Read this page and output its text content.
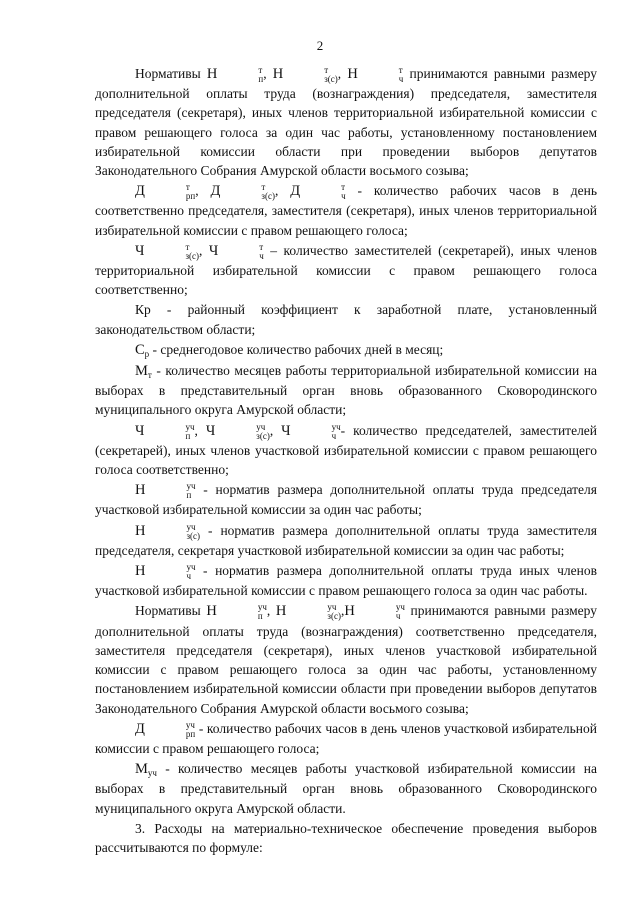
2

Нормативы Н	т
п , Н	т
з(с) , Н	т
ч принимаются равными размеру дополнительной оплаты труда (вознаграждения) председателя, заместителя председателя (секретаря), иных членов территориальной избирательной комиссии с правом решающего голоса за один час работы, установленному постановлением избирательной комиссии области при проведении выборов депутатов Законодательного Собрания Амурской области восьмого созыва;

Д	т
рп , Д	т
з(с) , Д	т
ч - количество рабочих часов в день соответственно председателя, заместителя (секретаря), иных членов территориальной избирательной комиссии с правом решающего голоса;

Ч	т
з(с) , Ч	т
ч – количество заместителей (секретарей), иных членов территориальной избирательной комиссии с правом решающего голоса соответственно;

Кр - районный коэффициент к заработной плате, установленный законодательством области;

$С_р$ - среднегодовое количество рабочих дней в месяц;

$М_т$ - количество месяцев работы территориальной избирательной комиссии на выборах в представительный орган вновь образованного Сковородинского муниципального округа Амурской области;

Ч	уч
п , Ч	уч
з(с) , Ч	уч
ч - количество председателей, заместителей (секретарей), иных членов участковой избирательной комиссии с правом решающего голоса соответственно;

Н	уч
п - норматив размера дополнительной оплаты труда председателя участковой избирательной комиссии за один час работы;

Н	уч
з(с) - норматив размера дополнительной оплаты труда заместителя председателя, секретаря участковой избирательной комиссии за один час работы;

Н	уч
ч - норматив размера дополнительной оплаты труда иных членов участковой избирательной комиссии с правом решающего голоса за один час работы.

Нормативы Н	уч
п , Н	уч
з(с) ,Н	уч
ч принимаются равными размеру дополнительной оплаты труда (вознаграждения) соответственно председателя, заместителя председателя (секретаря), иных членов участковой избирательной комиссии с правом решающего голоса за один час работы, установленному постановлением избирательной комиссии области при проведении выборов депутатов Законодательного Собрания Амурской области восьмого созыва;

Д	уч
рп - количество рабочих часов в день членов участковой избирательной комиссии с правом решающего голоса;

$М_{уч}$ - количество месяцев работы участковой избирательной комиссии на выборах в представительный орган вновь образованного Сковородинского муниципального округа Амурской области.

3. Расходы на материально-техническое обеспечение проведения выборов рассчитываются по формуле:
